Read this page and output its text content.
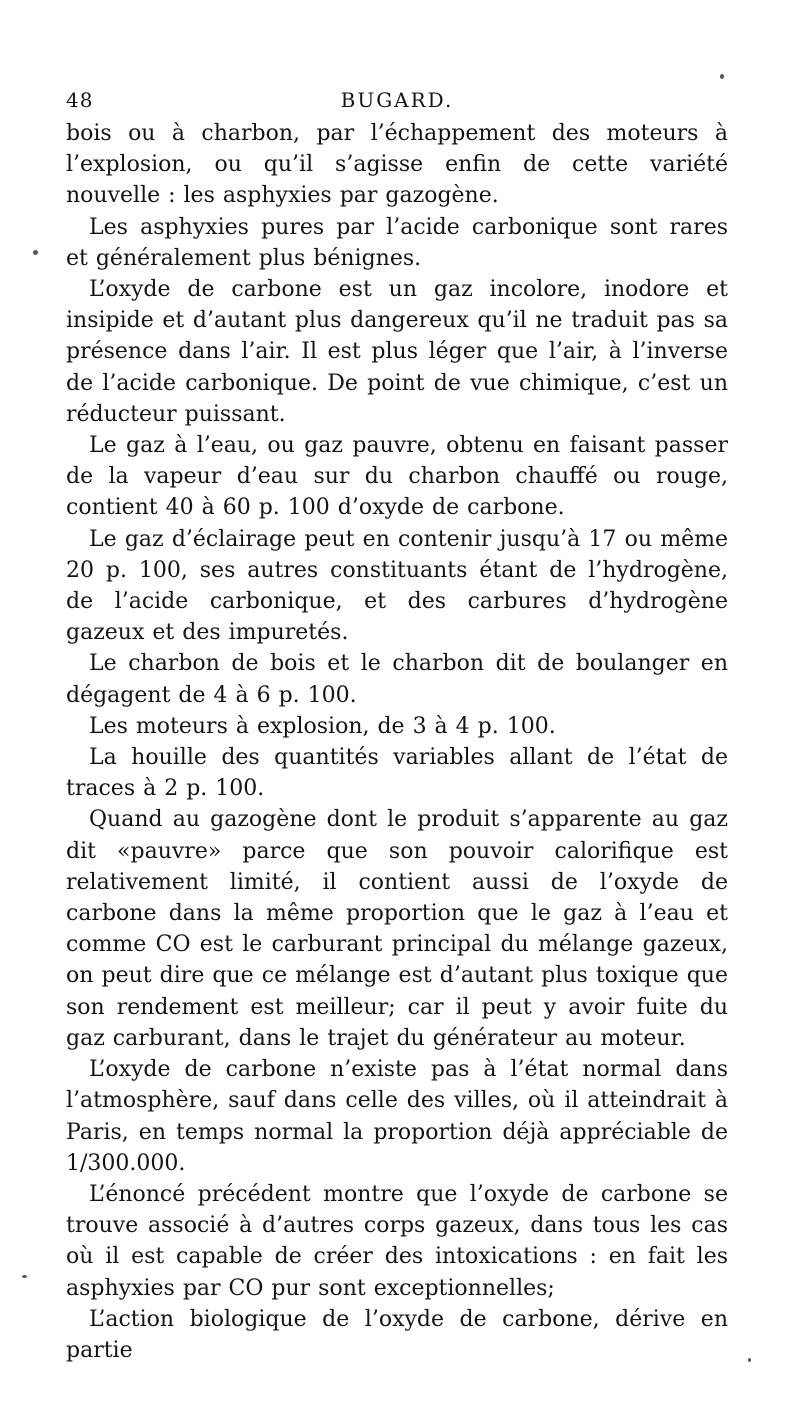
48	BUGARD.

bois ou à charbon, par l’échappement des moteurs à l’explosion, ou qu’il s’agisse enfin de cette variété nouvelle : les asphyxies par gazogène.

Les asphyxies pures par l’acide carbonique sont rares et généralement plus bénignes.

L’oxyde de carbone est un gaz incolore, inodore et insipide et d’autant plus dangereux qu’il ne traduit pas sa présence dans l’air. Il est plus léger que l’air, à l’inverse de l’acide carbonique. De point de vue chimique, c’est un réducteur puissant.

Le gaz à l’eau, ou gaz pauvre, obtenu en faisant passer de la vapeur d’eau sur du charbon chauffé ou rouge, contient 40 à 60 p. 100 d’oxyde de carbone.

Le gaz d’éclairage peut en contenir jusqu’à 17 ou même 20 p. 100, ses autres constituants étant de l’hydrogène, de l’acide carbonique, et des carbures d’hydrogène gazeux et des impuretés.

Le charbon de bois et le charbon dit de boulanger en dégagent de 4 à 6 p. 100.

Les moteurs à explosion, de 3 à 4 p. 100.

La houille des quantités variables allant de l’état de traces à 2 p. 100.

Quand au gazogène dont le produit s’apparente au gaz dit «pauvre» parce que son pouvoir calorifique est relativement limité, il contient aussi de l’oxyde de carbone dans la même proportion que le gaz à l’eau et comme CO est le carburant principal du mélange gazeux, on peut dire que ce mélange est d’autant plus toxique que son rendement est meilleur; car il peut y avoir fuite du gaz carburant, dans le trajet du générateur au moteur.

L’oxyde de carbone n’existe pas à l’état normal dans l’atmosphère, sauf dans celle des villes, où il atteindrait à Paris, en temps normal la proportion déjà appréciable de 1/300.000.

L’énoncé précédent montre que l’oxyde de carbone se trouve associé à d’autres corps gazeux, dans tous les cas où il est capable de créer des intoxications : en fait les asphyxies par CO pur sont exceptionnelles;

L’action biologique de l’oxyde de carbone, dérive en partie
